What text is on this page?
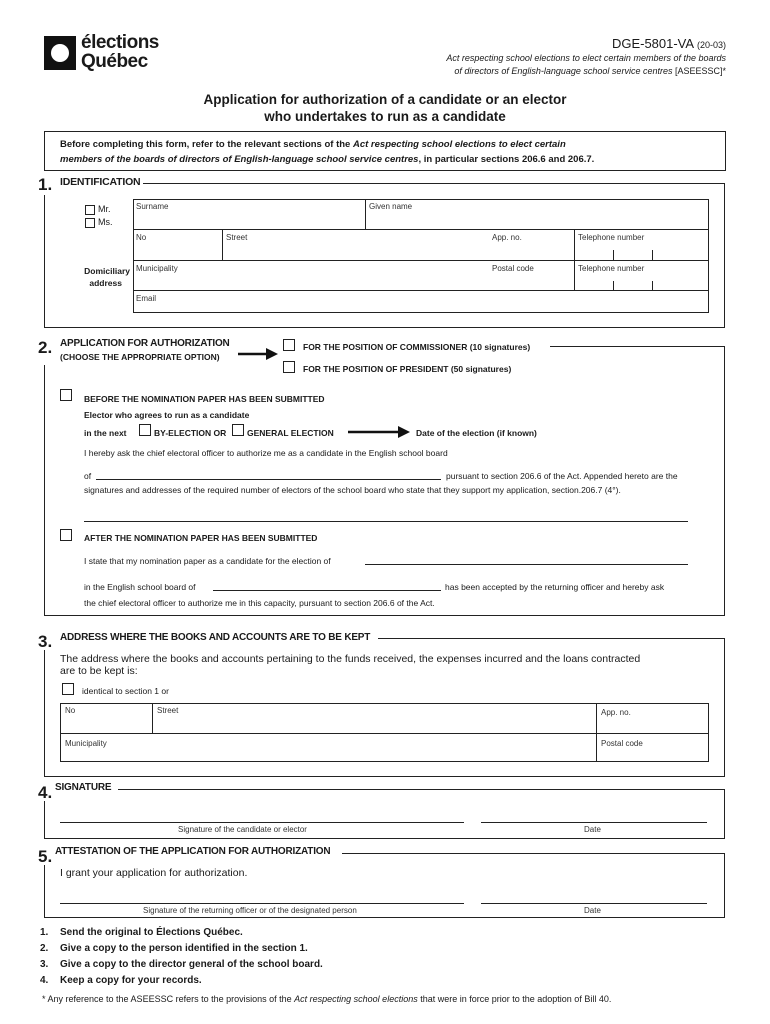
élections
Québec
DGE-5801-VA (20-03)
Act respecting school elections to elect certain members of the boards
of directors of English-language school service centres [ASEESSC]*
Application for authorization of a candidate or an elector
who undertakes to run as a candidate
Before completing this form, refer to the relevant sections of the Act respecting school elections to elect certain
members of the boards of directors of English-language school service centres, in particular sections 206.6 and 206.7.
1. IDENTIFICATION
Mr.
Ms.
Domiciliary
address
Surname	Given name
No	Street	App. no.	Telephone number
Municipality	Postal code	Telephone number
Email
2. APPLICATION FOR AUTHORIZATION
(CHOOSE THE APPROPRIATE OPTION)
FOR THE POSITION OF COMMISSIONER (10 signatures)
FOR THE POSITION OF PRESIDENT (50 signatures)
BEFORE THE NOMINATION PAPER HAS BEEN SUBMITTED
Elector who agrees to run as a candidate
in the next	BY-ELECTION OR GENERAL ELECTION	Date of the election (if known)
I hereby ask the chief electoral officer to authorize me as a candidate in the English school board
of	pursuant to section 206.6 of the Act. Appended hereto are the
signatures and addresses of the required number of electors of the school board who state that they support my application, section.206.7 (4°).
AFTER THE NOMINATION PAPER HAS BEEN SUBMITTED
I state that my nomination paper as a candidate for the election of
in the English school board of	has been accepted by the returning officer and hereby ask
the chief electoral officer to authorize me in this capacity, pursuant to section 206.6 of the Act.
3. ADDRESS WHERE THE BOOKS AND ACCOUNTS ARE TO BE KEPT
The address where the books and accounts pertaining to the funds received, the expenses incurred and the loans contracted
are to be kept is:
identical to section 1 or
No	Street	App. no.
Municipality	Postal code
4. SIGNATURE
Signature of the candidate or elector	Date
5. ATTESTATION OF THE APPLICATION FOR AUTHORIZATION
I grant your application for authorization.
Signature of the returning officer or of the designated person	Date
1. Send the original to Élections Québec.
2. Give a copy to the person identified in the section 1.
3. Give a copy to the director general of the school board.
4. Keep a copy for your records.
* Any reference to the ASEESSC refers to the provisions of the Act respecting school elections that were in force prior to the adoption of Bill 40.
